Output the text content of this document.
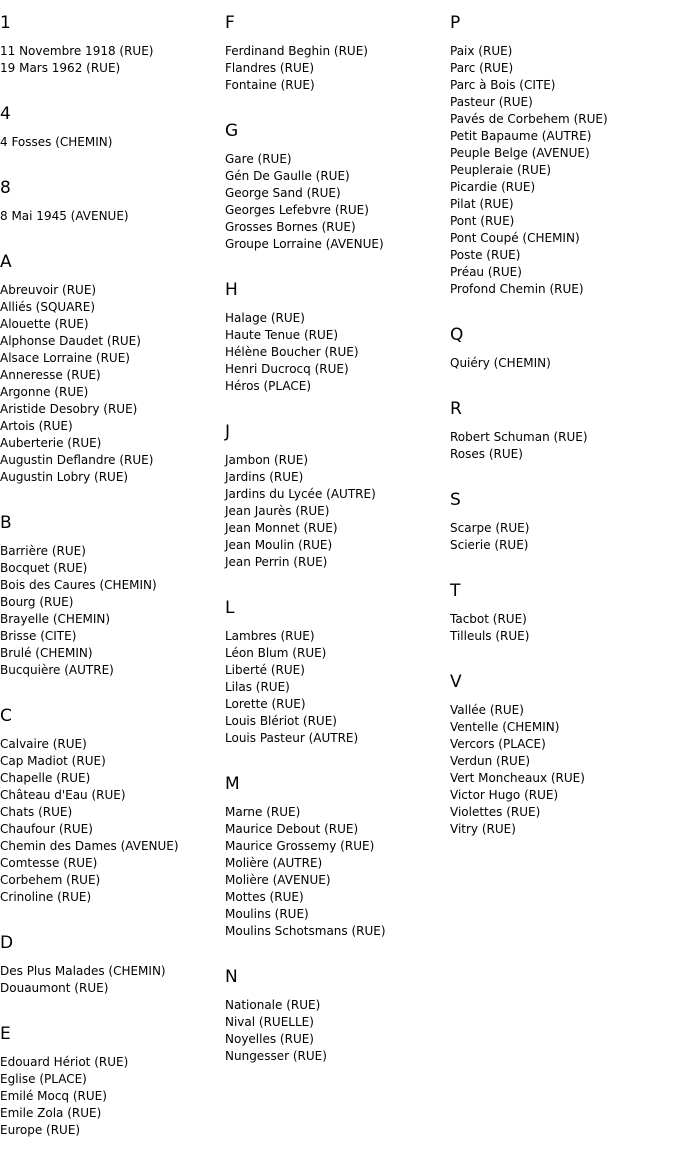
1
11 Novembre 1918 (RUE)
19 Mars 1962 (RUE)
4
4 Fosses (CHEMIN)
8
8 Mai 1945 (AVENUE)
A
Abreuvoir (RUE)
Alliés (SQUARE)
Alouette (RUE)
Alphonse Daudet (RUE)
Alsace Lorraine (RUE)
Anneresse (RUE)
Argonne (RUE)
Aristide Desobry (RUE)
Artois (RUE)
Auberterie (RUE)
Augustin Deflandre (RUE)
Augustin Lobry (RUE)
B
Barrière (RUE)
Bocquet (RUE)
Bois des Caures (CHEMIN)
Bourg (RUE)
Brayelle (CHEMIN)
Brisse (CITE)
Brulé (CHEMIN)
Bucquière (AUTRE)
C
Calvaire (RUE)
Cap Madiot (RUE)
Chapelle (RUE)
Château d'Eau (RUE)
Chats (RUE)
Chaufour (RUE)
Chemin des Dames (AVENUE)
Comtesse (RUE)
Corbehem (RUE)
Crinoline (RUE)
D
Des Plus Malades (CHEMIN)
Douaumont (RUE)
E
Edouard Hériot (RUE)
Eglise (PLACE)
Emilé Mocq (RUE)
Emile Zola (RUE)
Europe (RUE)
F
Ferdinand Beghin (RUE)
Flandres (RUE)
Fontaine (RUE)
G
Gare (RUE)
Gén De Gaulle (RUE)
George Sand (RUE)
Georges Lefebvre (RUE)
Grosses Bornes (RUE)
Groupe Lorraine (AVENUE)
H
Halage (RUE)
Haute Tenue (RUE)
Hélène Boucher (RUE)
Henri Ducrocq (RUE)
Héros (PLACE)
J
Jambon (RUE)
Jardins (RUE)
Jardins du Lycée (AUTRE)
Jean Jaurès (RUE)
Jean Monnet (RUE)
Jean Moulin (RUE)
Jean Perrin (RUE)
L
Lambres (RUE)
Léon Blum (RUE)
Liberté (RUE)
Lilas (RUE)
Lorette (RUE)
Louis Blériot (RUE)
Louis Pasteur (AUTRE)
M
Marne (RUE)
Maurice Debout (RUE)
Maurice Grossemy (RUE)
Molière (AUTRE)
Molière (AVENUE)
Mottes (RUE)
Moulins (RUE)
Moulins Schotsmans (RUE)
N
Nationale (RUE)
Nival (RUELLE)
Noyelles (RUE)
Nungesser (RUE)
P
Paix (RUE)
Parc (RUE)
Parc à Bois (CITE)
Pasteur (RUE)
Pavés de Corbehem (RUE)
Petit Bapaume (AUTRE)
Peuple Belge (AVENUE)
Peupleraie (RUE)
Picardie (RUE)
Pilat (RUE)
Pont (RUE)
Pont Coupé (CHEMIN)
Poste (RUE)
Préau (RUE)
Profond Chemin (RUE)
Q
Quiéry (CHEMIN)
R
Robert Schuman (RUE)
Roses (RUE)
S
Scarpe (RUE)
Scierie (RUE)
T
Tacbot (RUE)
Tilleuls (RUE)
V
Vallée (RUE)
Ventelle (CHEMIN)
Vercors (PLACE)
Verdun (RUE)
Vert Moncheaux (RUE)
Victor Hugo (RUE)
Violettes (RUE)
Vitry (RUE)
